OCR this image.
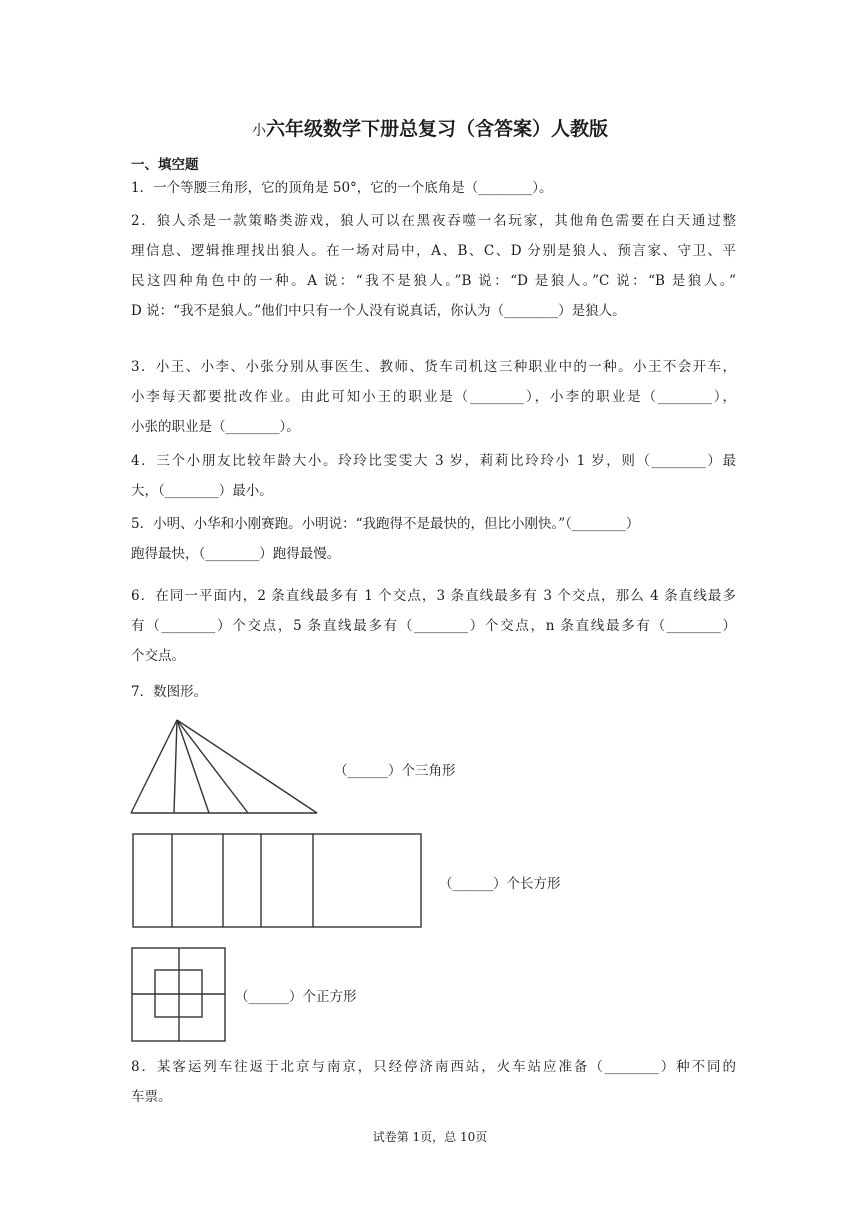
小六年级数学下册总复习（含答案）人教版
一、填空题
1．一个等腰三角形，它的顶角是 50°，它的一个底角是（________）。
2．狼人杀是一款策略类游戏，狼人可以在黑夜吞噬一名玩家，其他角色需要在白天通过整
理信息、逻辑推理找出狼人。在一场对局中，A、B、C、D 分别是狼人、预言家、守卫、平
民这四种角色中的一种。A 说：“我不是狼人。”B 说：“D 是狼人。”C 说：“B 是狼人。”
D 说：“我不是狼人。”他们中只有一个人没有说真话，你认为（________）是狼人。
3．小王、小李、小张分别从事医生、教师、货车司机这三种职业中的一种。小王不会开车，
小李每天都要批改作业。由此可知小王的职业是（________），小李的职业是（________），
小张的职业是（________）。
4．三个小朋友比较年龄大小。玲玲比雯雯大 3 岁，莉莉比玲玲小 1 岁，则（________）最
大，（________）最小。
5．小明、小华和小刚赛跑。小明说：“我跑得不是最快的，但比小刚快。”（________）
跑得最快，（________）跑得最慢。
6．在同一平面内，2 条直线最多有 1 个交点，3 条直线最多有 3 个交点，那么 4 条直线最多
有（________）个交点，5 条直线最多有（________）个交点，n 条直线最多有（________）
个交点。
7．数图形。
（______）个三角形
（______）个长方形
（______）个正方形
8．某客运列车往返于北京与南京，只经停济南西站，火车站应准备（________）种不同的
车票。
试卷第 1页，总 10页
